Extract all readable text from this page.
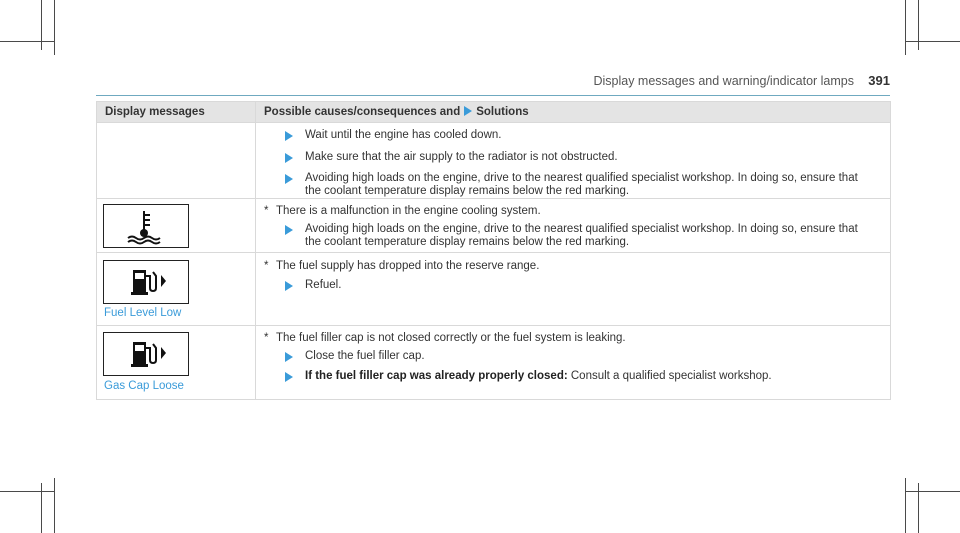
Display messages and warning/indicator lamps 391
Display messages	Possible causes/consequences and Solutions

	Wait until the engine has cooled down.
Make sure that the air supply to the radiator is not obstructed.
Avoiding high loads on the engine, drive to the nearest qualified specialist workshop. In doing so, ensure that the coolant temperature display remains below the red marking.

* There is a malfunction in the engine cooling system.
Avoiding high loads on the engine, drive to the nearest qualified specialist workshop. In doing so, ensure that the coolant temperature display remains below the red marking.

Fuel Level Low	* The fuel supply has dropped into the reserve range.
Refuel.

Gas Cap Loose	* The fuel filler cap is not closed correctly or the fuel system is leaking.
Close the fuel filler cap.
If the fuel filler cap was already properly closed: Consult a qualified specialist workshop.
